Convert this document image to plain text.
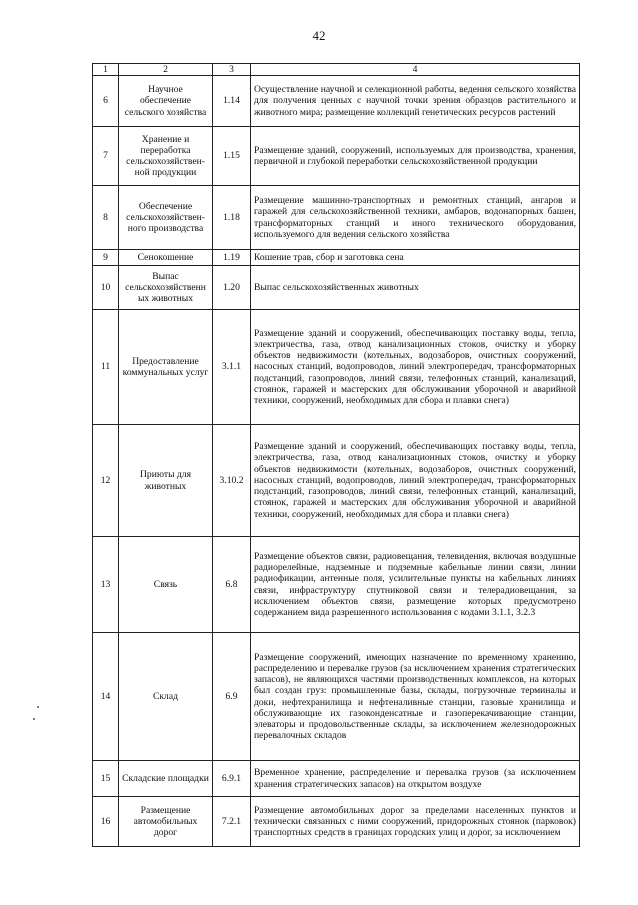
42
1	2	3	4
6	Научное обеспечение сельского хозяйства	1.14	Осуществление научной и селекционной работы, ведения сельского хозяйства для получения ценных с научной точки зрения образцов растительного и животного мира; размещение коллекций генетических ресурсов растений
7	Хранение и переработка сельскохозяйствен-ной продукции	1.15	Размещение зданий, сооружений, используемых для производства, хранения, первичной и глубокой переработки сельскохозяйственной продукции
8	Обеспечение сельскохозяйствен-ного производства	1.18	Размещение машинно-транспортных и ремонтных станций, ангаров и гаражей для сельскохозяйственной техники, амбаров, водонапорных башен, трансформаторных станций и иного технического оборудования, используемого для ведения сельского хозяйства
9	Сенокошение	1.19	Кошение трав, сбор и заготовка сена
10	Выпас сельскохозяйственных животных	1.20	Выпас сельскохозяйственных животных
11	Предоставление коммунальных услуг	3.1.1	Размещение зданий и сооружений, обеспечивающих поставку воды, тепла, электричества, газа, отвод канализационных стоков, очистку и уборку объектов недвижимости (котельных, водозаборов, очистных сооружений, насосных станций, водопроводов, линий электропередач, трансформаторных подстанций, газопроводов, линий связи, телефонных станций, канализаций, стоянок, гаражей и мастерских для обслуживания уборочной и аварийной техники, сооружений, необходимых для сбора и плавки снега)
12	Приюты для животных	3.10.2	Размещение зданий и сооружений, обеспечивающих поставку воды, тепла, электричества, газа, отвод канализационных стоков, очистку и уборку объектов недвижимости (котельных, водозаборов, очистных сооружений, насосных станций, водопроводов, линий электропередач, трансформаторных подстанций, газопроводов, линий связи, телефонных станций, канализаций, стоянок, гаражей и мастерских для обслуживания уборочной и аварийной техники, сооружений, необходимых для сбора и плавки снега)
13	Связь	6.8	Размещение объектов связи, радиовещания, телевидения, включая воздушные радиорелейные, надземные и подземные кабельные линии связи, линии радиофикации, антенные поля, усилительные пункты на кабельных линиях связи, инфраструктуру спутниковой связи и телерадиовещания, за исключением объектов связи, размещение которых предусмотрено содержанием вида разрешенного использования с кодами 3.1.1, 3.2.3
14	Склад	6.9	Размещение сооружений, имеющих назначение по временному хранению, распределению и перевалке грузов (за исключением хранения стратегических запасов), не являющихся частями производственных комплексов, на которых был создан груз: промышленные базы, склады, погрузочные терминалы и доки, нефтехранилища и нефтеналивные станции, газовые хранилища и обслуживающие их газоконденсатные и газоперекачивающие станции, элеваторы и продовольственные склады, за исключением железнодорожных перевалочных складов
15	Складские площадки	6.9.1	Временное хранение, распределение и перевалка грузов (за исключением хранения стратегических запасов) на открытом воздухе
16	Размещение автомобильных дорог	7.2.1	Размещение автомобильных дорог за пределами населенных пунктов и технически связанных с ними сооружений, придорожных стоянок (парковок) транспортных средств в границах городских улиц и дорог, за исключением
